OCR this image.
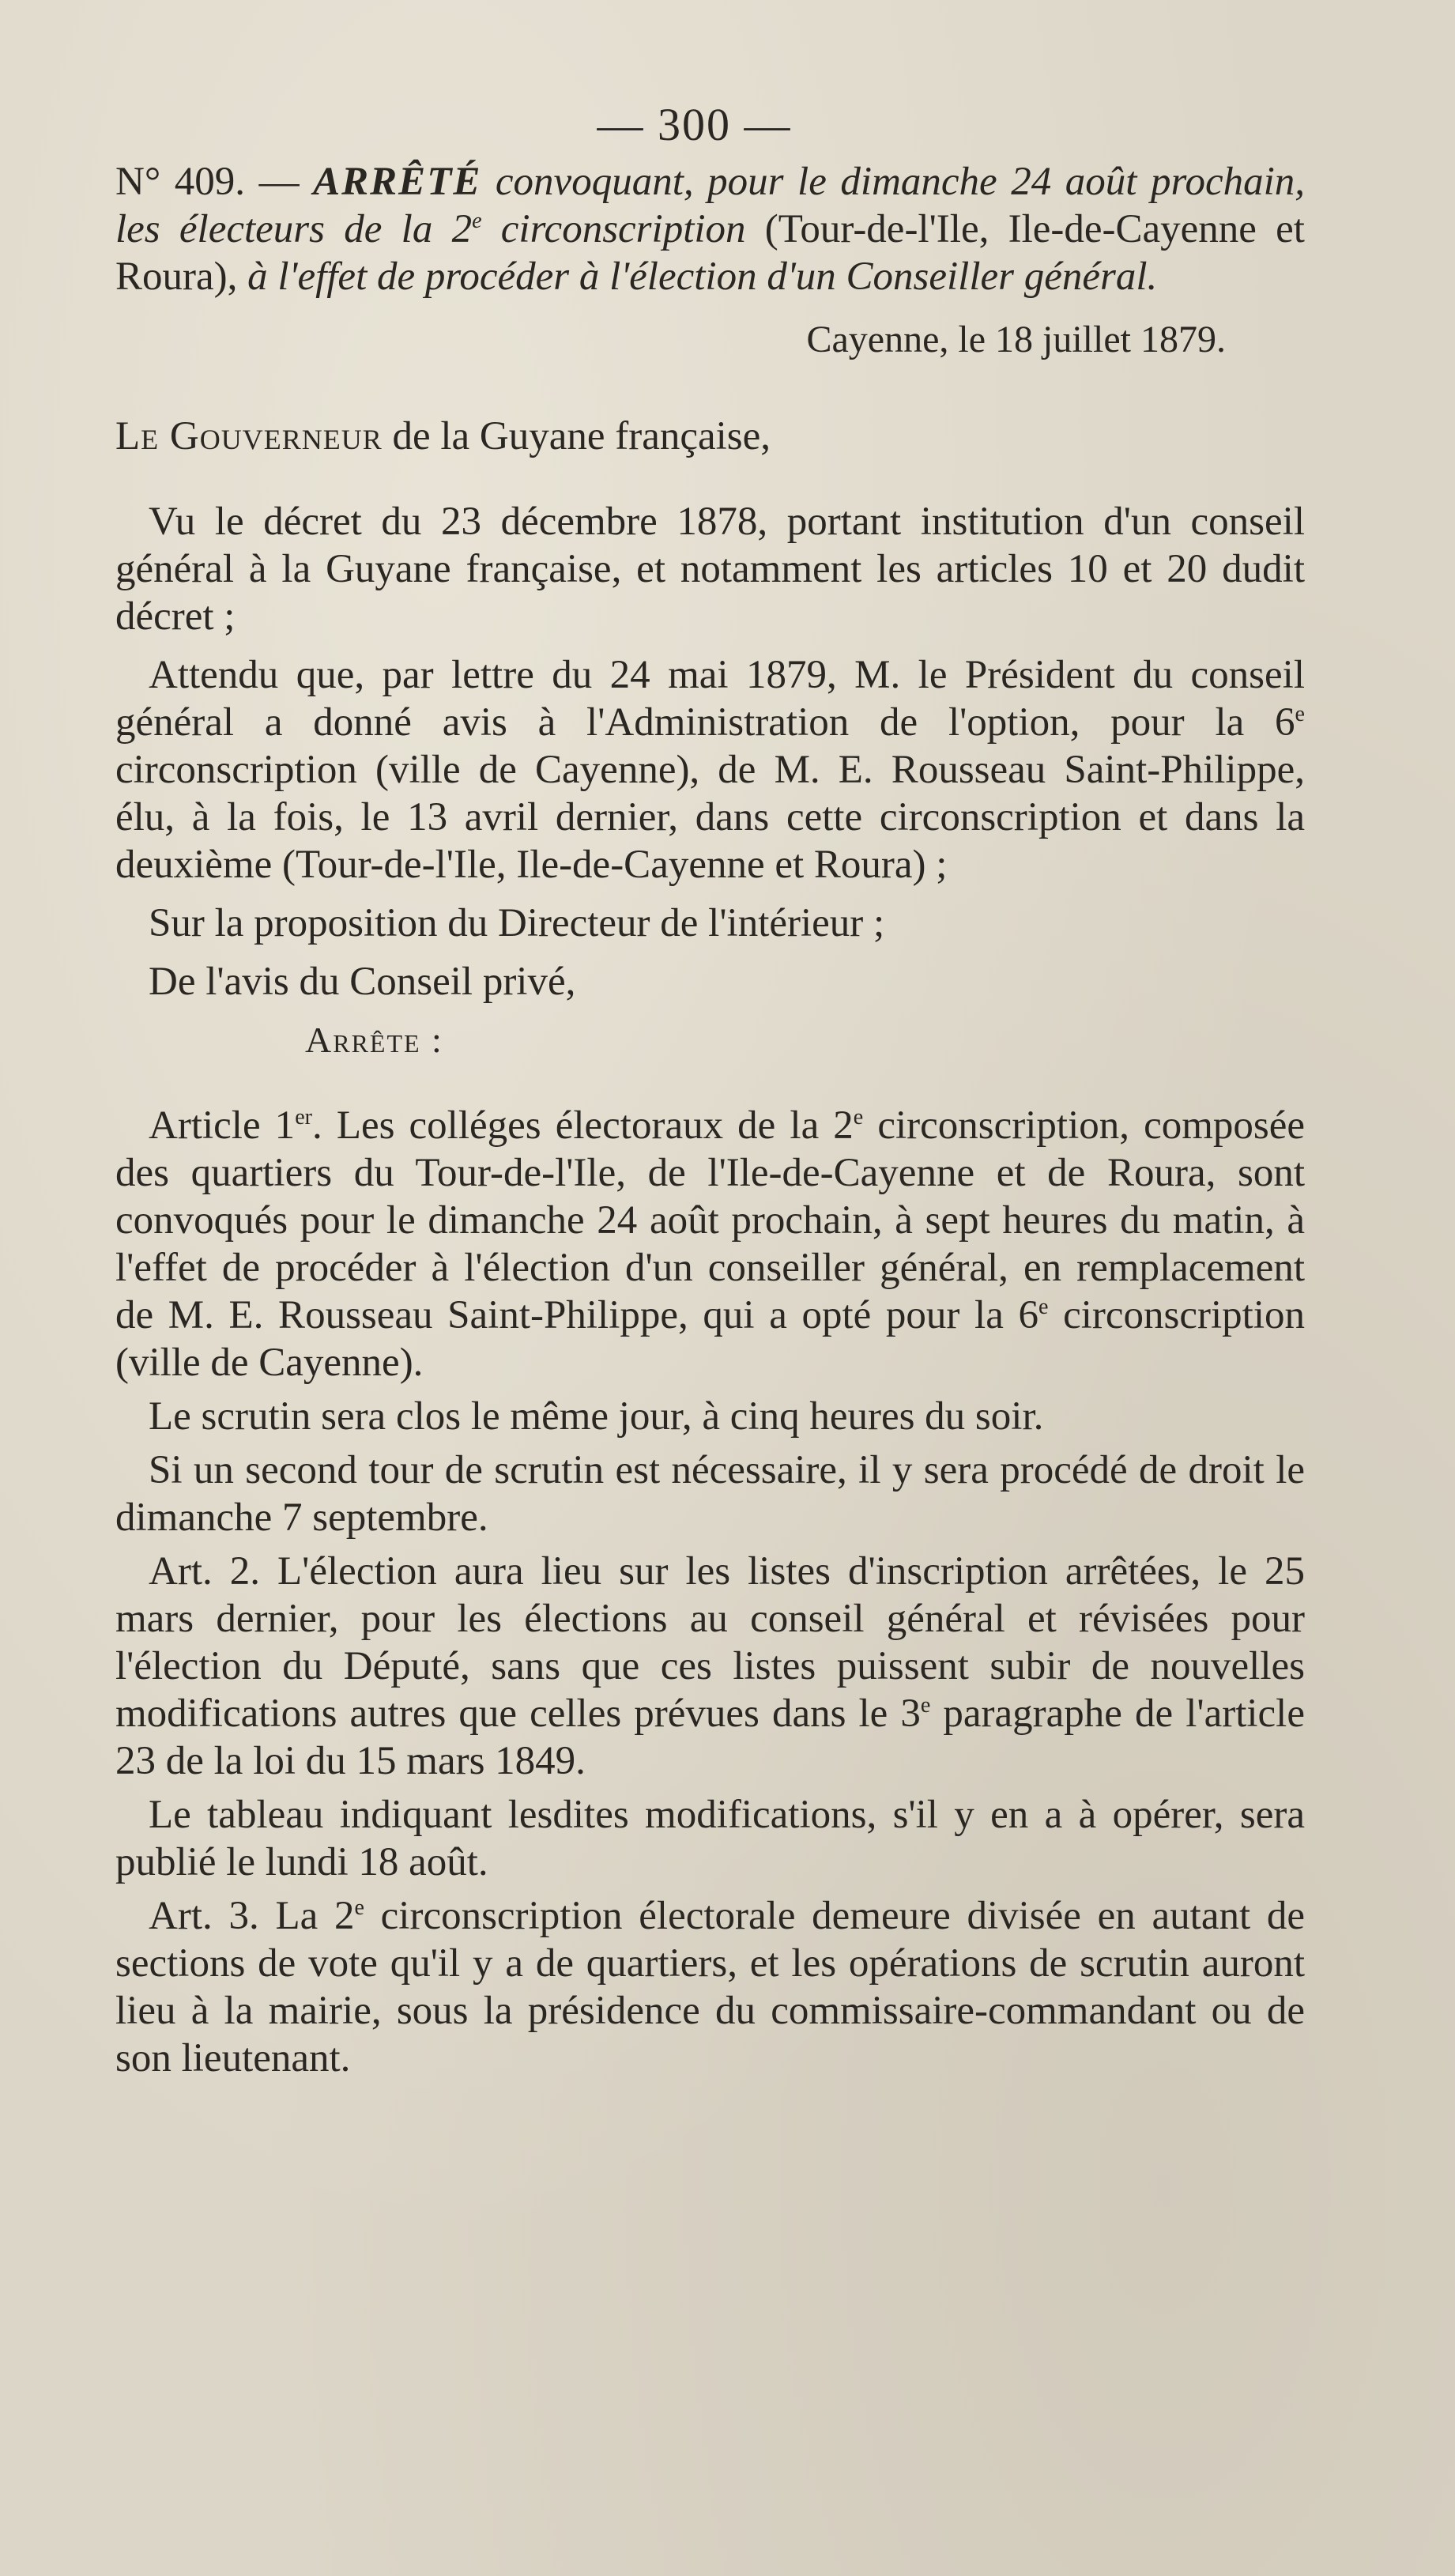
— 300 —

N° 409. — ARRÊTÉ convoquant, pour le dimanche 24 août prochain, les électeurs de la 2e circonscription (Tour-de-l'Ile, Ile-de-Cayenne et Roura), à l'effet de procéder à l'élection d'un Conseiller général.

Cayenne, le 18 juillet 1879.

Le Gouverneur de la Guyane française,

Vu le décret du 23 décembre 1878, portant institution d'un conseil général à la Guyane française, et notamment les articles 10 et 20 dudit décret ;

Attendu que, par lettre du 24 mai 1879, M. le Président du conseil général a donné avis à l'Administration de l'option, pour la 6e circonscription (ville de Cayenne), de M. E. Rousseau Saint-Philippe, élu, à la fois, le 13 avril dernier, dans cette circonscription et dans la deuxième (Tour-de-l'Ile, Ile-de-Cayenne et Roura) ;

Sur la proposition du Directeur de l'intérieur ;

De l'avis du Conseil privé,

Arrête :

Article 1er. Les colléges électoraux de la 2e circonscription, composée des quartiers du Tour-de-l'Ile, de l'Ile-de-Cayenne et de Roura, sont convoqués pour le dimanche 24 août prochain, à sept heures du matin, à l'effet de procéder à l'élection d'un conseiller général, en remplacement de M. E. Rousseau Saint-Philippe, qui a opté pour la 6e circonscription (ville de Cayenne).

Le scrutin sera clos le même jour, à cinq heures du soir.

Si un second tour de scrutin est nécessaire, il y sera procédé de droit le dimanche 7 septembre.

Art. 2. L'élection aura lieu sur les listes d'inscription arrêtées, le 25 mars dernier, pour les élections au conseil général et révisées pour l'élection du Député, sans que ces listes puissent subir de nouvelles modifications autres que celles prévues dans le 3e paragraphe de l'article 23 de la loi du 15 mars 1849.

Le tableau indiquant lesdites modifications, s'il y en a à opérer, sera publié le lundi 18 août.

Art. 3. La 2e circonscription électorale demeure divisée en autant de sections de vote qu'il y a de quartiers, et les opérations de scrutin auront lieu à la mairie, sous la présidence du commissaire-commandant ou de son lieutenant.
